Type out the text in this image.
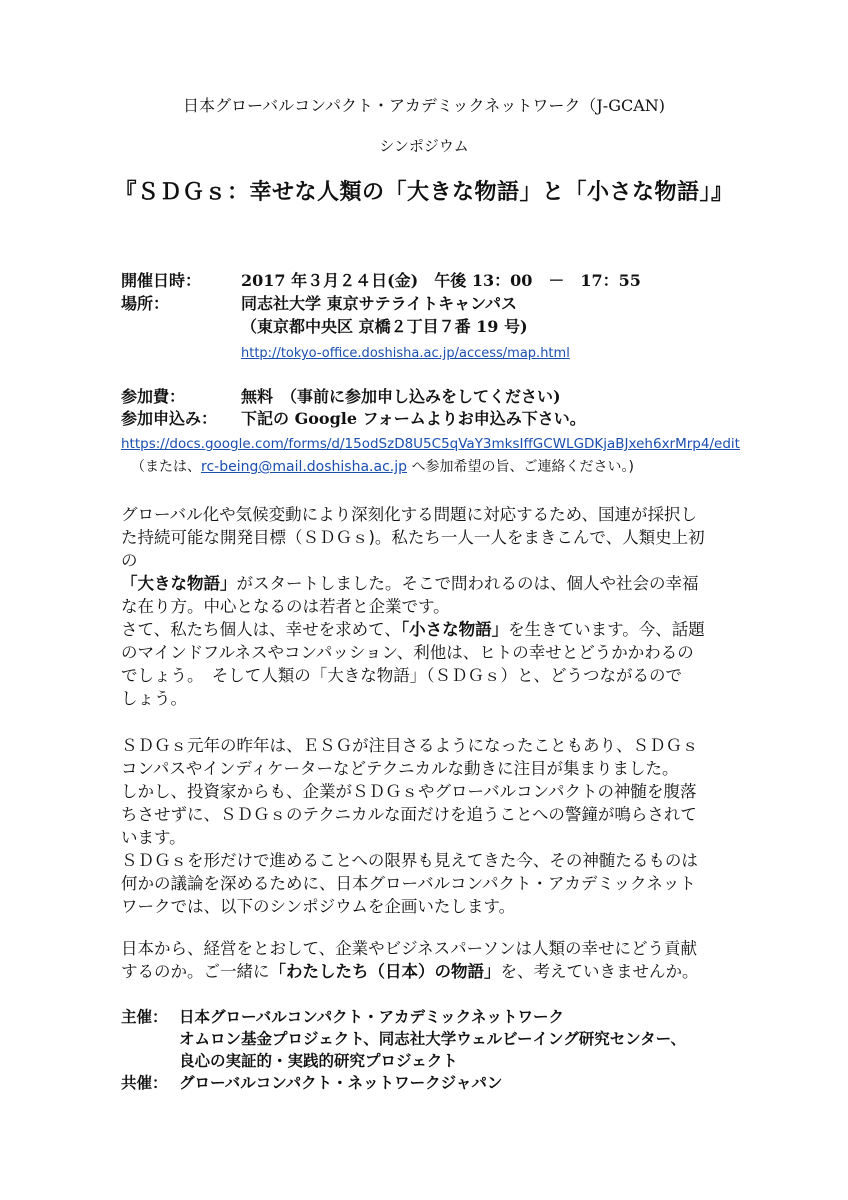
日本グローバルコンパクト・アカデミックネットワーク（J-GCAN)
シンポジウム
『ＳＤＧｓ：幸せな人類の「大きな物語」と「小さな物語」』
開催日時： 2017 年３月２４日(金)　午後 13：00　－　17：55
場所：	同志社大学 東京サテライトキャンパス
（東京都中央区 京橋２丁目７番 19 号)
http://tokyo-office.doshisha.ac.jp/access/map.html
参加費：	無料　（事前に参加申し込みをしてください)
参加申込み： 下記の Google フォームよりお申込み下さい。
https://docs.google.com/forms/d/15odSzD8U5C5qVaY3mksIffGCWLGDKjaBJxeh6xrMrp4/edit
（または、rc-being@mail.doshisha.ac.jp へ参加希望の旨、ご連絡ください。)
グローバル化や気候変動により深刻化する問題に対応するため、国連が採択し
た持続可能な開発目標（ＳＤＧｓ)。私たち一人一人をまきこんで、人類史上初
の
「大きな物語」がスタートしました。そこで問われるのは、個人や社会の幸福
な在り方。中心となるのは若者と企業です。
さて、私たち個人は、幸せを求めて、「小さな物語」を生きています。今、話題
のマインドフルネスやコンパッション、利他は、ヒトの幸せとどうかかわるの
でしょう。　そして人類の「大きな物語」（ＳＤＧｓ）と、どうつながるので
しょう。
ＳＤＧｓ元年の昨年は、ＥＳＧが注目さるようになったこともあり、ＳＤＧｓ
コンパスやインディケーターなどテクニカルな動きに注目が集まりました。
しかし、投資家からも、企業がＳＤＧｓやグローバルコンパクトの神髄を腹落
ちさせずに、ＳＤＧｓのテクニカルな面だけを追うことへの警鐘が鳴らされて
います。
ＳＤＧｓを形だけで進めることへの限界も見えてきた今、その神髄たるものは
何かの議論を深めるために、日本グローバルコンパクト・アカデミックネット
ワークでは、以下のシンポジウムを企画いたします。
日本から、経営をとおして、企業やビジネスパーソンは人類の幸せにどう貢献
するのか。ご一緒に「わたしたち（日本）の物語」を、考えていきませんか。
主催： 日本グローバルコンパクト・アカデミックネットワーク
オムロン基金プロジェクト、同志社大学ウェルビーイング研究センター、
良心の実証的・実践的研究プロジェクト
共催： グローバルコンパクト・ネットワークジャパン
